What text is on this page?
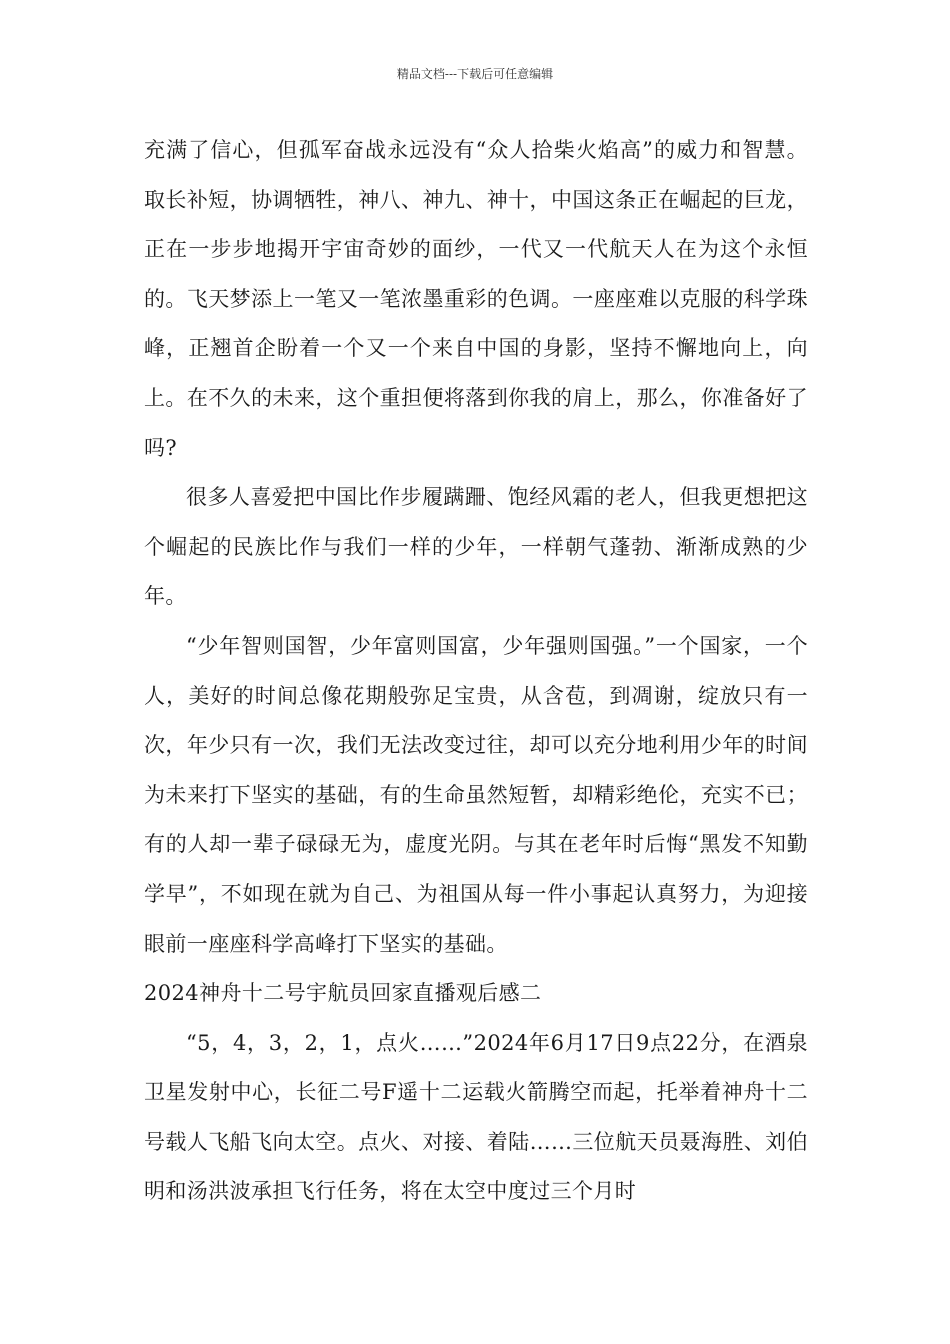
精品文档---下载后可任意编辑

充满了信心，但孤军奋战永远没有“众人拾柴火焰高”的威力和智慧。取长补短，协调牺牲，神八、神九、神十，中国这条正在崛起的巨龙，正在一步步地揭开宇宙奇妙的面纱，一代又一代航天人在为这个永恒的。飞天梦添上一笔又一笔浓墨重彩的色调。一座座难以克服的科学珠峰，正翘首企盼着一个又一个来自中国的身影，坚持不懈地向上，向上。在不久的未来，这个重担便将落到你我的肩上，那么，你准备好了吗?

很多人喜爱把中国比作步履蹒跚、饱经风霜的老人，但我更想把这个崛起的民族比作与我们一样的少年，一样朝气蓬勃、渐渐成熟的少年。

“少年智则国智，少年富则国富，少年强则国强。”一个国家，一个人，美好的时间总像花期般弥足宝贵，从含苞，到凋谢，绽放只有一次，年少只有一次，我们无法改变过往，却可以充分地利用少年的时间为未来打下坚实的基础，有的生命虽然短暂，却精彩绝伦，充实不已；有的人却一辈子碌碌无为，虚度光阴。与其在老年时后悔“黑发不知勤学早”，不如现在就为自己、为祖国从每一件小事起认真努力，为迎接眼前一座座科学高峰打下坚实的基础。

2024神舟十二号宇航员回家直播观后感二

“5，4，3，2，1，点火……”2024年6月17日9点22分，在酒泉卫星发射中心，长征二号F遥十二运载火箭腾空而起，托举着神舟十二号载人飞船飞向太空。点火、对接、着陆……三位航天员聂海胜、刘伯明和汤洪波承担飞行任务，将在太空中度过三个月时
